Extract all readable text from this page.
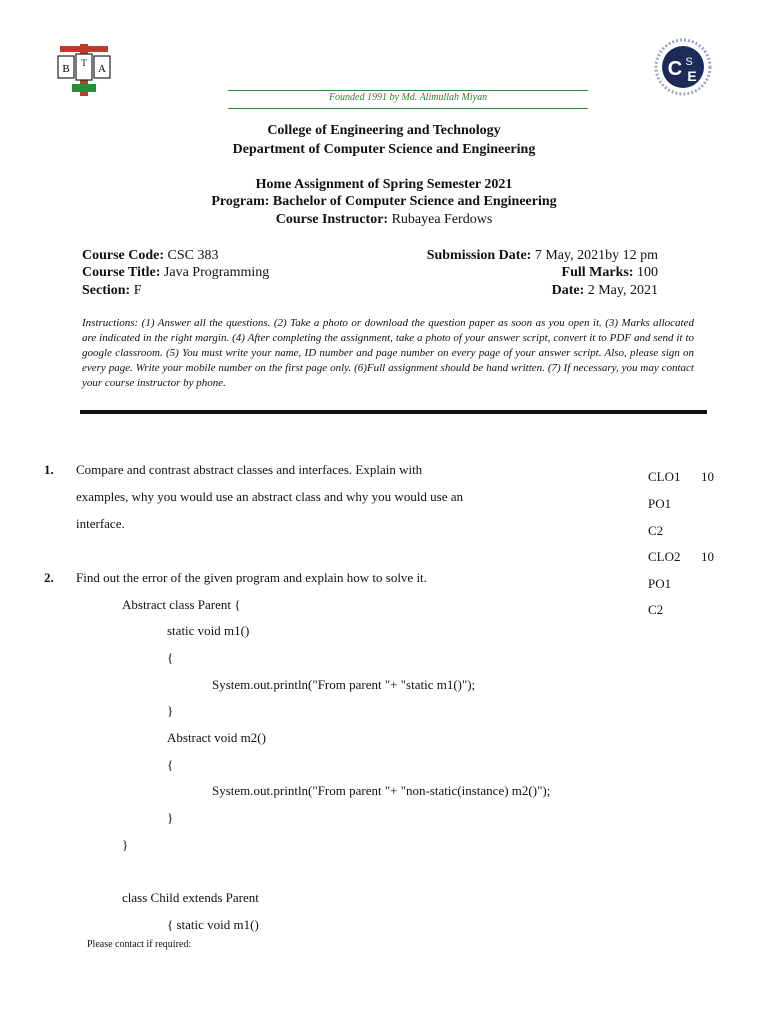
B T A	C S
E
Founded 1991 by Md. Alimullah Miyan
College of Engineering and Technology
Department of Computer Science and Engineering
Home Assignment of Spring Semester 2021
Program: Bachelor of Computer Science and Engineering
Course Instructor: Rubayea Ferdows
Course Code: CSC 383
Course Title: Java Programming
Section: F
Submission Date: 7 May, 2021by 12 pm
Full Marks: 100
Date: 2 May, 2021
Instructions: (1) Answer all the questions. (2) Take a photo or download the question paper as soon as you open it. (3) Marks allocated are indicated in the right margin. (4) After completing the assignment, take a photo of your answer script, convert it to PDF and send it to google classroom. (5) You must write your name, ID number and page number on every page of your answer script. Also, please sign on every page. Write your mobile number on the first page only. (6)Full assignment should be hand written. (7) If necessary, you may contact your course instructor by phone.
1. Compare and contrast abstract classes and interfaces. Explain with
examples, why you would use an abstract class and why you would use an
interface.
2. Find out the error of the given program and explain how to solve it.
Abstract class Parent {
static void m1()
{
System.out.println("From parent "+ "static m1()");
}
Abstract void m2()
{
System.out.println("From parent "+ "non-static(instance) m2()");
}
}
class Child extends Parent
{ static void m1()
CLO1 10
PO1
C2
CLO2 10
PO1
C2
Please contact if required:
